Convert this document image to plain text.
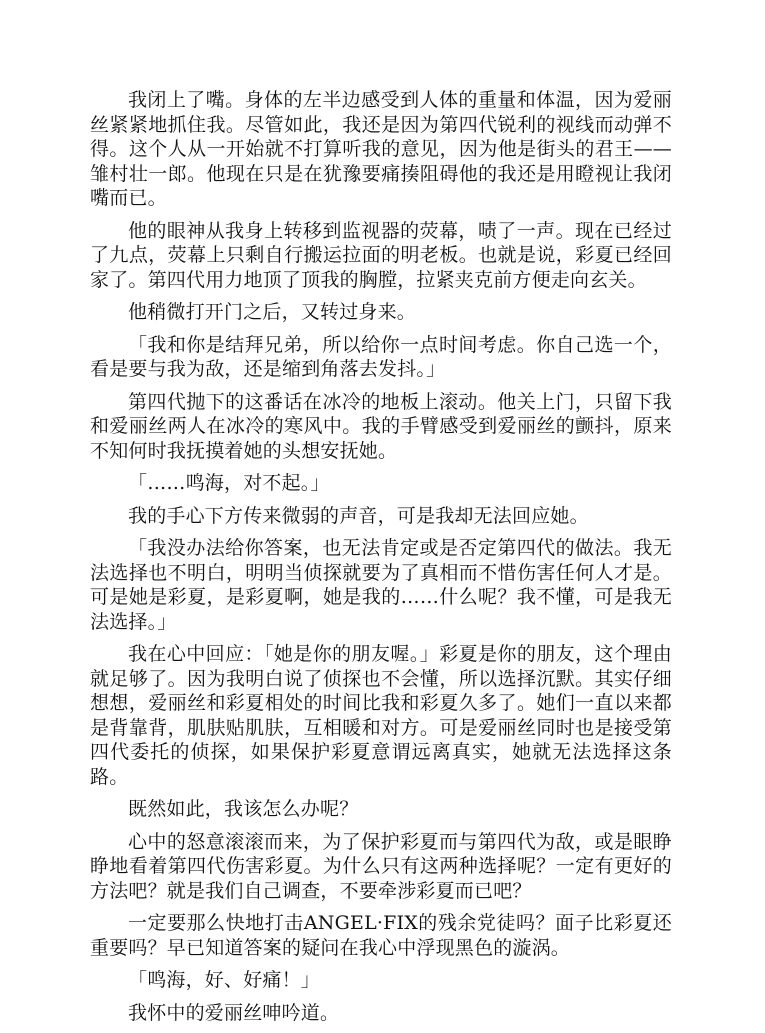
我闭上了嘴。身体的左半边感受到人体的重量和体温，因为爱丽丝紧紧地抓住我。尽管如此，我还是因为第四代锐利的视线而动弹不得。这个人从一开始就不打算听我的意见，因为他是街头的君王——雏村壮一郎。他现在只是在犹豫要痛揍阻碍他的我还是用瞪视让我闭嘴而已。

他的眼神从我身上转移到监视器的荧幕，啧了一声。现在已经过了九点，荧幕上只剩自行搬运拉面的明老板。也就是说，彩夏已经回家了。第四代用力地顶了顶我的胸膛，拉紧夹克前方便走向玄关。

他稍微打开门之后，又转过身来。

「我和你是结拜兄弟，所以给你一点时间考虑。你自己选一个，看是要与我为敌，还是缩到角落去发抖。」

第四代抛下的这番话在冰冷的地板上滚动。他关上门，只留下我和爱丽丝两人在冰冷的寒风中。我的手臂感受到爱丽丝的颤抖，原来不知何时我抚摸着她的头想安抚她。

「……鸣海，对不起。」

我的手心下方传来微弱的声音，可是我却无法回应她。

「我没办法给你答案，也无法肯定或是否定第四代的做法。我无法选择也不明白，明明当侦探就要为了真相而不惜伤害任何人才是。可是她是彩夏，是彩夏啊，她是我的……什么呢？我不懂，可是我无法选择。」

我在心中回应：「她是你的朋友喔。」彩夏是你的朋友，这个理由就足够了。因为我明白说了侦探也不会懂，所以选择沉默。其实仔细想想，爱丽丝和彩夏相处的时间比我和彩夏久多了。她们一直以来都是背靠背，肌肤贴肌肤，互相暖和对方。可是爱丽丝同时也是接受第四代委托的侦探，如果保护彩夏意谓远离真实，她就无法选择这条路。

既然如此，我该怎么办呢？

心中的怒意滚滚而来，为了保护彩夏而与第四代为敌，或是眼睁睁地看着第四代伤害彩夏。为什么只有这两种选择呢？一定有更好的方法吧？就是我们自己调查，不要牵涉彩夏而已吧？

一定要那么快地打击ANGEL·FIX的残余党徒吗？面子比彩夏还重要吗？早已知道答案的疑问在我心中浮现黑色的漩涡。

「鸣海，好、好痛！」

我怀中的爱丽丝呻吟道。
